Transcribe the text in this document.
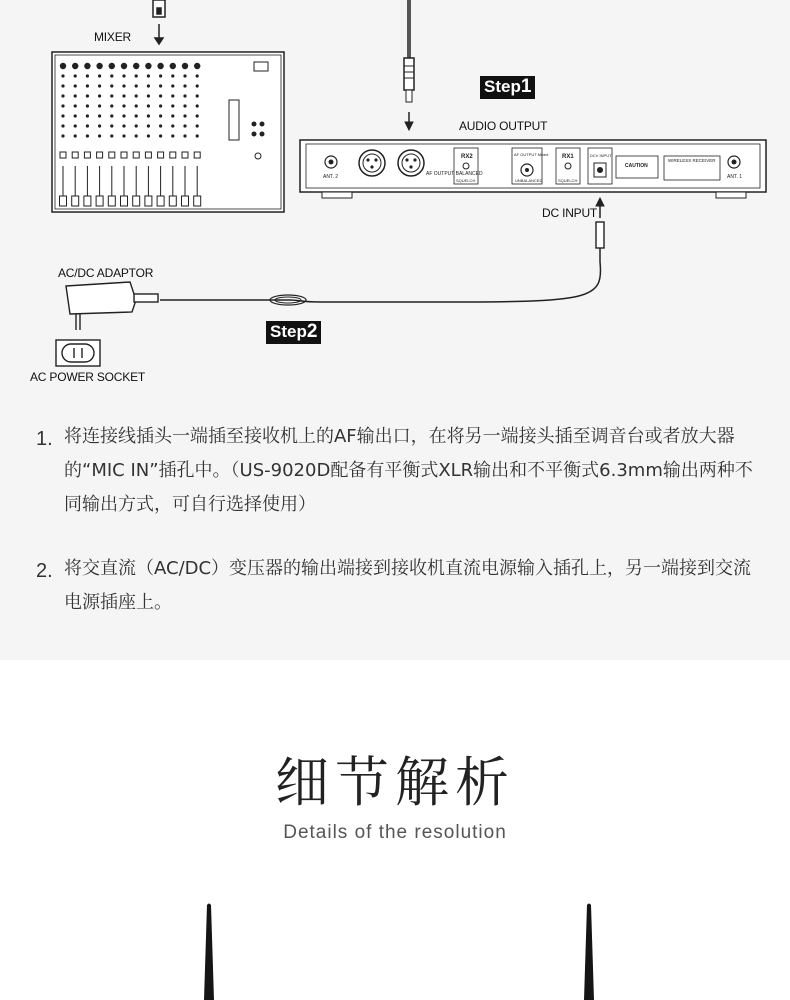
ANT. 2	AF OUTPUT BALANCED
RX2
SQUELCH
AF OUTPUT Mixed
UNBALANCED
RX1
SQUELCH
DCV INPUT
CAUTION
WIRELESS RECEIVER
ANT. 1
MIXER
AUDIO OUTPUT
DC INPUT
AC/DC ADAPTOR
AC POWER SOCKET
Step1
Step2
1. 将连接线插头一端插至接收机上的AF输出口，在将另一端接头插至调音台或者放大器的“MIC IN”插孔中。（US-9020D配备有平衡式XLR输出和不平衡式6.3mm输出两种不同输出方式，可自行选择使用）
2. 将交直流（AC/DC）变压器的输出端接到接收机直流电源输入插孔上，另一端接到交流电源插座上。
细节解析
Details of the resolution
